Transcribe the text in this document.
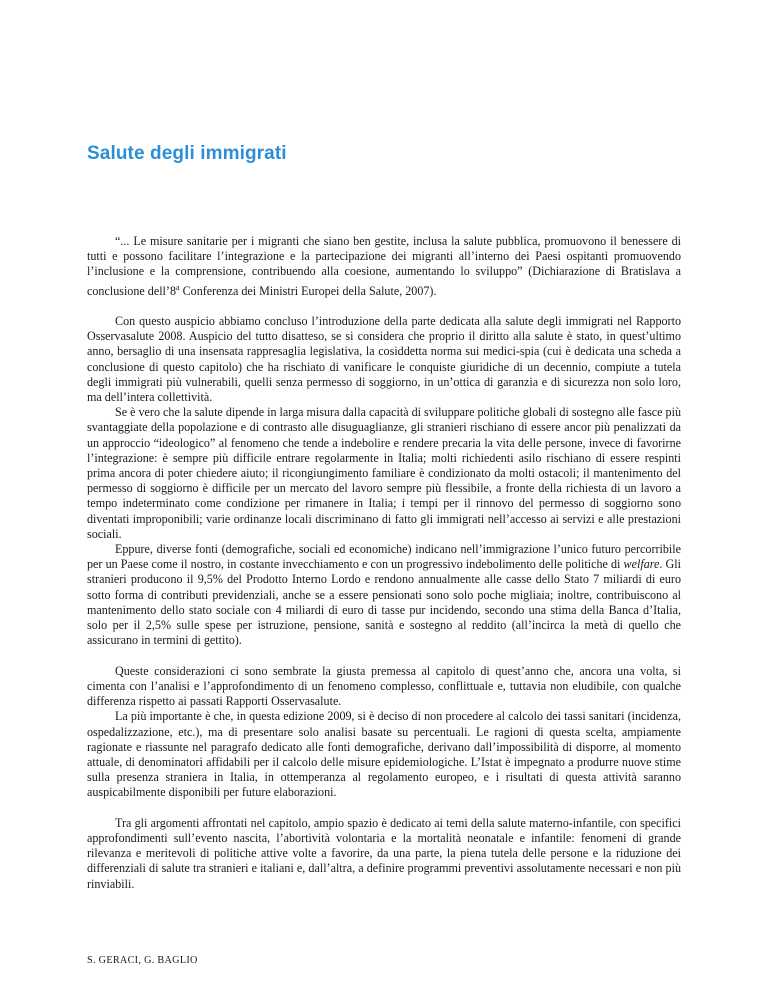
Salute degli immigrati

“... Le misure sanitarie per i migranti che siano ben gestite, inclusa la salute pubblica, promuovono il benessere di tutti e possono facilitare l’integrazione e la partecipazione dei migranti all’interno dei Paesi ospitanti promuovendo l’inclusione e la comprensione, contribuendo alla coesione, aumentando lo sviluppo” (Dichiarazione di Bratislava a conclusione dell’8$^a$ Conferenza dei Ministri Europei della Salute, 2007).

Con questo auspicio abbiamo concluso l’introduzione della parte dedicata alla salute degli immigrati nel Rapporto Osservasalute 2008. Auspicio del tutto disatteso, se si considera che proprio il diritto alla salute è stato, in quest’ultimo anno, bersaglio di una insensata rappresaglia legislativa, la cosiddetta norma sui medici-spia (cui è dedicata una scheda a conclusione di questo capitolo) che ha rischiato di vanificare le conquiste giuridiche di un decennio, compiute a tutela degli immigrati più vulnerabili, quelli senza permesso di soggiorno, in un’ottica di garanzia e di sicurezza non solo loro, ma dell’intera collettività.

Se è vero che la salute dipende in larga misura dalla capacità di sviluppare politiche globali di sostegno alle fasce più svantaggiate della popolazione e di contrasto alle disuguaglianze, gli stranieri rischiano di essere ancor più penalizzati da un approccio “ideologico” al fenomeno che tende a indebolire e rendere precaria la vita delle persone, invece di favorirne l’integrazione: è sempre più difficile entrare regolarmente in Italia; molti richiedenti asilo rischiano di essere respinti prima ancora di poter chiedere aiuto; il ricongiungimento familiare è condizionato da molti ostacoli; il mantenimento del permesso di soggiorno è difficile per un mercato del lavoro sempre più flessibile, a fronte della richiesta di un lavoro a tempo indeterminato come condizione per rimanere in Italia; i tempi per il rinnovo del permesso di soggiorno sono diventati improponibili; varie ordinanze locali discriminano di fatto gli immigrati nell’accesso ai servizi e alle prestazioni sociali.

Eppure, diverse fonti (demografiche, sociali ed economiche) indicano nell’immigrazione l’unico futuro percorribile per un Paese come il nostro, in costante invecchiamento e con un progressivo indebolimento delle politiche di welfare. Gli stranieri producono il 9,5% del Prodotto Interno Lordo e rendono annualmente alle casse dello Stato 7 miliardi di euro sotto forma di contributi previdenziali, anche se a essere pensionati sono solo poche migliaia; inoltre, contribuiscono al mantenimento dello stato sociale con 4 miliardi di euro di tasse pur incidendo, secondo una stima della Banca d’Italia, solo per il 2,5% sulle spese per istruzione, pensione, sanità e sostegno al reddito (all’incirca la metà di quello che assicurano in termini di gettito).

Queste considerazioni ci sono sembrate la giusta premessa al capitolo di quest’anno che, ancora una volta, si cimenta con l’analisi e l’approfondimento di un fenomeno complesso, conflittuale e, tuttavia non eludibile, con qualche differenza rispetto ai passati Rapporti Osservasalute.

La più importante è che, in questa edizione 2009, si è deciso di non procedere al calcolo dei tassi sanitari (incidenza, ospedalizzazione, etc.), ma di presentare solo analisi basate su percentuali. Le ragioni di questa scelta, ampiamente ragionate e riassunte nel paragrafo dedicato alle fonti demografiche, derivano dall’impossibilità di disporre, al momento attuale, di denominatori affidabili per il calcolo delle misure epidemiologiche. L’Istat è impegnato a produrre nuove stime sulla presenza straniera in Italia, in ottemperanza al regolamento europeo, e i risultati di questa attività saranno auspicabilmente disponibili per future elaborazioni.

Tra gli argomenti affrontati nel capitolo, ampio spazio è dedicato ai temi della salute materno-infantile, con specifici approfondimenti sull’evento nascita, l’abortività volontaria e la mortalità neonatale e infantile: fenomeni di grande rilevanza e meritevoli di politiche attive volte a favorire, da una parte, la piena tutela delle persone e la riduzione dei differenziali di salute tra stranieri e italiani e, dall’altra, a definire programmi preventivi assolutamente necessari e non più rinviabili.

S. GERACI, G. BAGLIO
